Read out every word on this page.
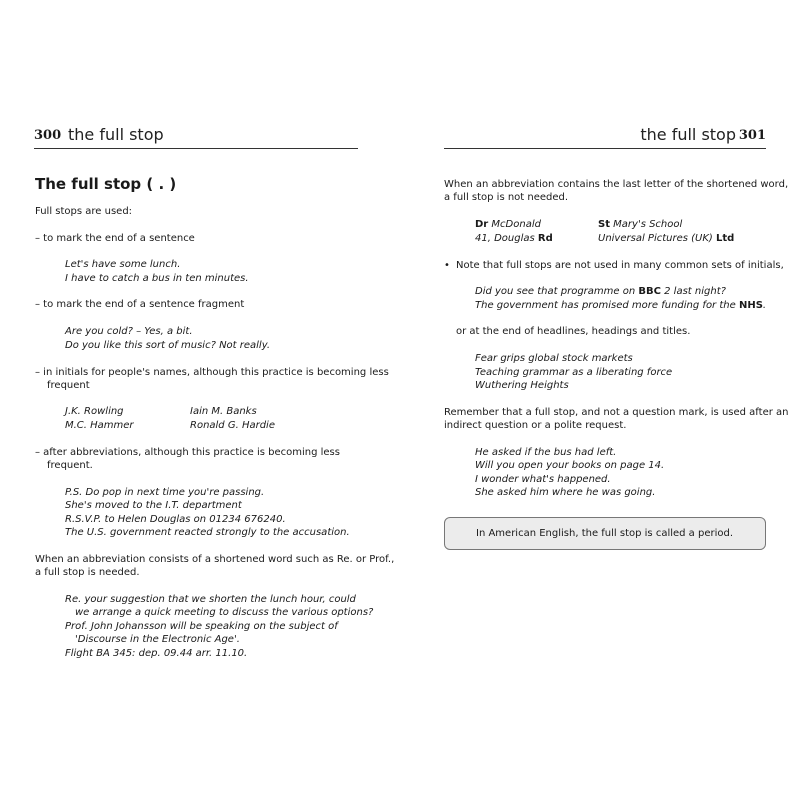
300 the full stop
The full stop ( . )
Full stops are used:
– to mark the end of a sentence
Let's have some lunch.
I have to catch a bus in ten minutes.
– to mark the end of a sentence fragment
Are you cold? – Yes, a bit.
Do you like this sort of music? Not really.
– in initials for people's names, although this practice is becoming less
frequent
J.K. Rowling	Iain M. Banks
M.C. Hammer	Ronald G. Hardie
– after abbreviations, although this practice is becoming less
frequent.
P.S. Do pop in next time you're passing.
She's moved to the I.T. department
R.S.V.P. to Helen Douglas on 01234 676240.
The U.S. government reacted strongly to the accusation.
When an abbreviation consists of a shortened word such as Re. or Prof.,
a full stop is needed.
Re. your suggestion that we shorten the lunch hour, could
we arrange a quick meeting to discuss the various options?
Prof. John Johansson will be speaking on the subject of
'Discourse in the Electronic Age'.
Flight BA 345: dep. 09.44 arr. 11.10.
the full stop 301
When an abbreviation contains the last letter of the shortened word,
a full stop is not needed.
Dr McDonald	St Mary's School
41, Douglas Rd	Universal Pictures (UK) Ltd
• Note that full stops are not used in many common sets of initials,
Did you see that programme on BBC 2 last night?
The government has promised more funding for the NHS.
or at the end of headlines, headings and titles.
Fear grips global stock markets
Teaching grammar as a liberating force
Wuthering Heights
Remember that a full stop, and not a question mark, is used after an
indirect question or a polite request.
He asked if the bus had left.
Will you open your books on page 14.
I wonder what's happened.
She asked him where he was going.
In American English, the full stop is called a period.
